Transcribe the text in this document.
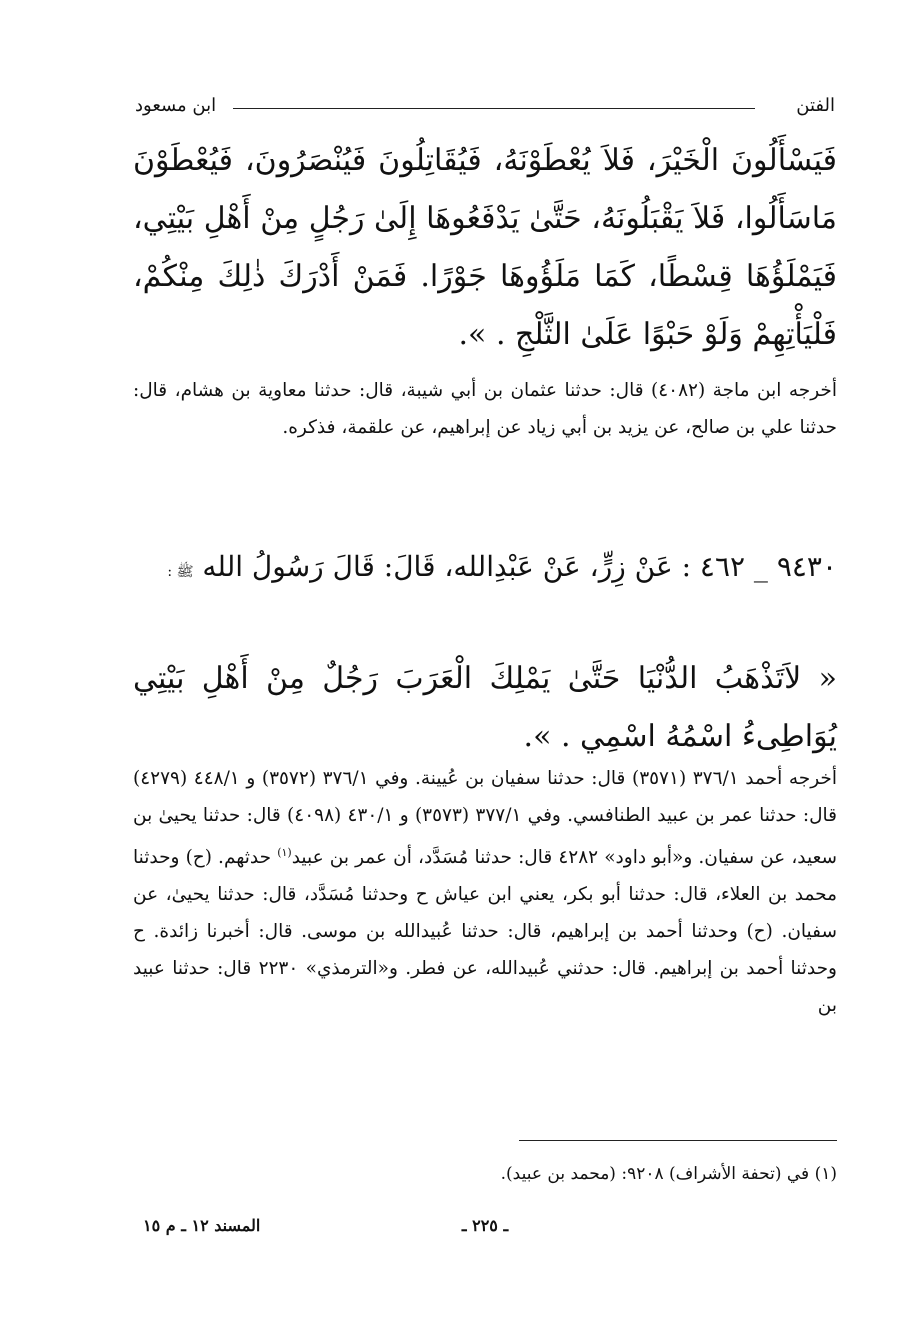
الفتن
ابن مسعود
فَيَسْأَلُونَ الْخَيْرَ، فَلاَ يُعْطَوْنَهُ، فَيُقَاتِلُونَ فَيُنْصَرُونَ، فَيُعْطَوْنَ مَاسَأَلُوا، فَلاَ يَقْبَلُونَهُ، حَتَّىٰ يَدْفَعُوهَا إِلَىٰ رَجُلٍ مِنْ أَهْلِ بَيْتِي، فَيَمْلَؤُهَا قِسْطًا، كَمَا مَلَؤُوهَا جَوْرًا. فَمَنْ أَدْرَكَ ذٰلِكَ مِنْكُمْ، فَلْيَأْتِهِمْ وَلَوْ حَبْوًا عَلَىٰ الثَّلْجِ . ».
أخرجه ابن ماجة (٤٠٨٢) قال: حدثنا عثمان بن أبي شيبة، قال: حدثنا معاوية بن هشام، قال: حدثنا علي بن صالح، عن يزيد بن أبي زياد عن إبراهيم، عن علقمة، فذكره.
٩٤٣٠ _ ٤٦٢ : عَنْ زِرٍّ، عَنْ عَبْدِالله، قَالَ: قَالَ رَسُولُ الله ﷺ :
« لاَتَذْهَبُ الدُّنْيَا حَتَّىٰ يَمْلِكَ الْعَرَبَ رَجُلٌ مِنْ أَهْلِ بَيْتِي يُوَاطِىءُ اسْمُهُ اسْمِي . ».
أخرجه أحمد ٣٧٦/١ (٣٥٧١) قال: حدثنا سفيان بن عُيينة. وفي ٣٧٦/١ (٣٥٧٢) و ٤٤٨/١ (٤٢٧٩) قال: حدثنا عمر بن عبيد الطنافسي. وفي ٣٧٧/١ (٣٥٧٣) و ٤٣٠/١ (٤٠٩٨) قال: حدثنا يحيىٰ بن سعيد، عن سفيان. و«أبو داود» ٤٢٨٢ قال: حدثنا مُسَدَّد، أن عمر بن عبيد$^{(١)}$ حدثهم. (ح) وحدثنا محمد بن العلاء، قال: حدثنا أبو بكر، يعني ابن عياش ح وحدثنا مُسَدَّد، قال: حدثنا يحيىٰ، عن سفيان. (ح) وحدثنا أحمد بن إبراهيم، قال: حدثنا عُبيدالله بن موسى. قال: أخبرنا زائدة. ح وحدثنا أحمد بن إبراهيم. قال: حدثني عُبيدالله، عن فطر. و«الترمذي» ٢٢٣٠ قال: حدثنا عبيد بن
(١) في (تحفة الأشراف) ٩٢٠٨: (محمد بن عبيد).
ـ ٢٢٥ ـ
المسند ١٢ ـ م ١٥
